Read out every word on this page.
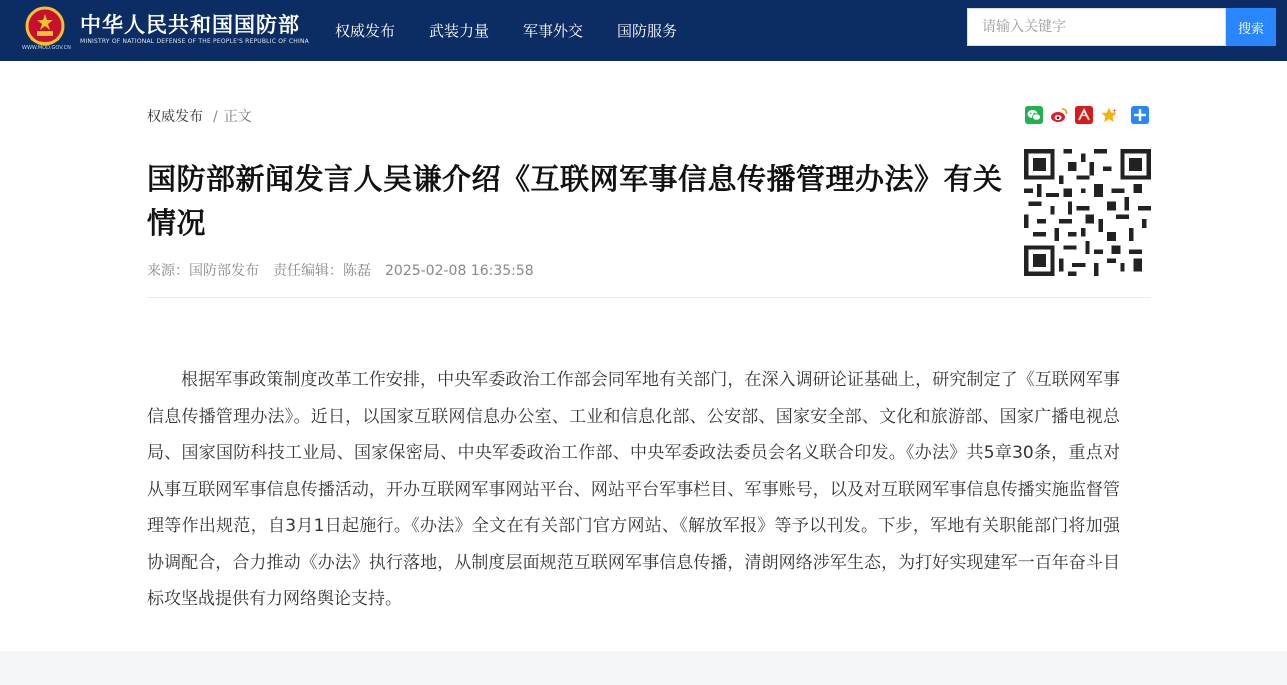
中华人民共和国国防部
MINISTRY OF NATIONAL DEFENSE OF THE PEOPLE'S REPUBLIC OF CHINA
WWW.MOD.GOV.CN
权威发布 武装力量 军事外交 国防服务
请输入关键字	搜索
权威发布 / 正文	+
国防部新闻发言人吴谦介绍《互联网军事信息传播管理办法》有关情况
来源：国防部发布 责任编辑：陈磊 2025-02-08 16:35:58

根据军事政策制度改革工作安排，中央军委政治工作部会同军地有关部门，在深入调研论证基础上，研究制定了《互联网军事信息传播管理办法》。近日，以国家互联网信息办公室、工业和信息化部、公安部、国家安全部、文化和旅游部、国家广播电视总局、国家国防科技工业局、国家保密局、中央军委政治工作部、中央军委政法委员会名义联合印发。《办法》共5章30条，重点对从事互联网军事信息传播活动，开办互联网军事网站平台、网站平台军事栏目、军事账号，以及对互联网军事信息传播实施监督管理等作出规范，自3月1日起施行。《办法》全文在有关部门官方网站、《解放军报》等予以刊发。下步，军地有关职能部门将加强协调配合，合力推动《办法》执行落地，从制度层面规范互联网军事信息传播，清朗网络涉军生态，为打好实现建军一百年奋斗目标攻坚战提供有力网络舆论支持。
